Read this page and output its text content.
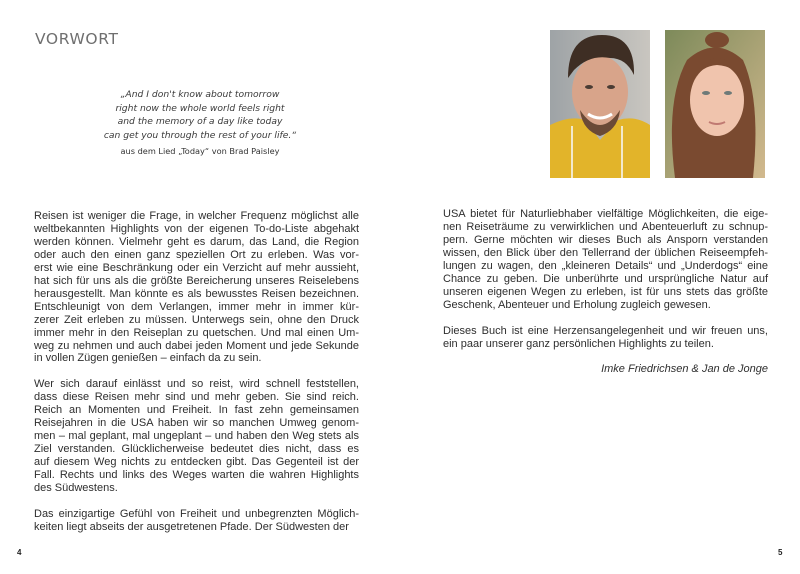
VORWORT
„And I don't know about tomorrow
right now the whole world feels right
and the memory of a day like today
can get you through the rest of your life.“
aus dem Lied „Today“ von Brad Paisley
Reisen ist weniger die Frage, in welcher Frequenz möglichst alle
weltbekannten Highlights von der eigenen To-do-Liste abgehakt
werden können. Vielmehr geht es darum, das Land, die Region
oder auch den einen ganz speziellen Ort zu erleben. Was vor-
erst wie eine Beschränkung oder ein Verzicht auf mehr aussieht,
hat sich für uns als die größte Bereicherung unseres Reiselebens
herausgestellt. Man könnte es als bewusstes Reisen bezeichnen.
Entschleunigt von dem Verlangen, immer mehr in immer kür-
zerer Zeit erleben zu müssen. Unterwegs sein, ohne den Druck
immer mehr in den Reiseplan zu quetschen. Und mal einen Um-
weg zu nehmen und auch dabei jeden Moment und jede Sekunde
in vollen Zügen genießen – einfach da zu sein.
Wer sich darauf einlässt und so reist, wird schnell feststellen,
dass diese Reisen mehr sind und mehr geben. Sie sind reich.
Reich an Momenten und Freiheit. In fast zehn gemeinsamen
Reisejahren in die USA haben wir so manchen Umweg genom-
men – mal geplant, mal ungeplant – und haben den Weg stets als
Ziel verstanden. Glücklicherweise bedeutet dies nicht, dass es
auf diesem Weg nichts zu entdecken gibt. Das Gegenteil ist der
Fall. Rechts und links des Weges warten die wahren Highlights
des Südwestens.
Das einzigartige Gefühl von Freiheit und unbegrenzten Möglich-
keiten liegt abseits der ausgetretenen Pfade. Der Südwesten der
USA bietet für Naturliebhaber vielfältige Möglichkeiten, die eige-
nen Reiseträume zu verwirklichen und Abenteuerluft zu schnup-
pern. Gerne möchten wir dieses Buch als Ansporn verstanden
wissen, den Blick über den Tellerrand der üblichen Reiseempfeh-
lungen zu wagen, den „kleineren Details“ und „Underdogs“ eine
Chance zu geben. Die unberührte und ursprüngliche Natur auf
unseren eigenen Wegen zu erleben, ist für uns stets das größte
Geschenk, Abenteuer und Erholung zugleich gewesen.
Dieses Buch ist eine Herzensangelegenheit und wir freuen uns,
ein paar unserer ganz persönlichen Highlights zu teilen.
Imke Friedrichsen & Jan de Jonge
4	5
